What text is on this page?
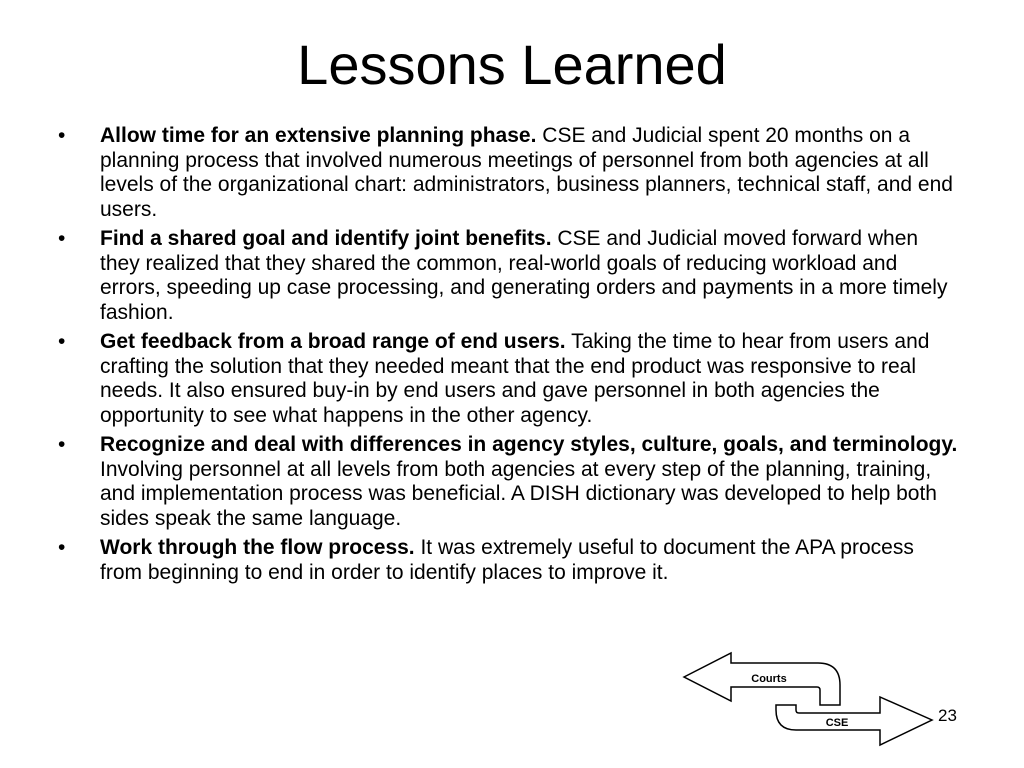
Lessons Learned
•	Allow time for an extensive planning phase. CSE and Judicial spent 20 months on a planning process that involved numerous meetings of personnel from both agencies at all levels of the organizational chart: administrators, business planners, technical staff, and end users.
•	Find a shared goal and identify joint benefits. CSE and Judicial moved forward when they realized that they shared the common, real-world goals of reducing workload and errors, speeding up case processing, and generating orders and payments in a more timely fashion.
•	Get feedback from a broad range of end users. Taking the time to hear from users and crafting the solution that they needed meant that the end product was responsive to real needs. It also ensured buy-in by end users and gave personnel in both agencies the opportunity to see what happens in the other agency.
•	Recognize and deal with differences in agency styles, culture, goals, and terminology. Involving personnel at all levels from both agencies at every step of the planning, training, and implementation process was beneficial. A DISH dictionary was developed to help both sides speak the same language.
•	Work through the flow process. It was extremely useful to document the APA process from beginning to end in order to identify places to improve it.
Courts
CSE	23
